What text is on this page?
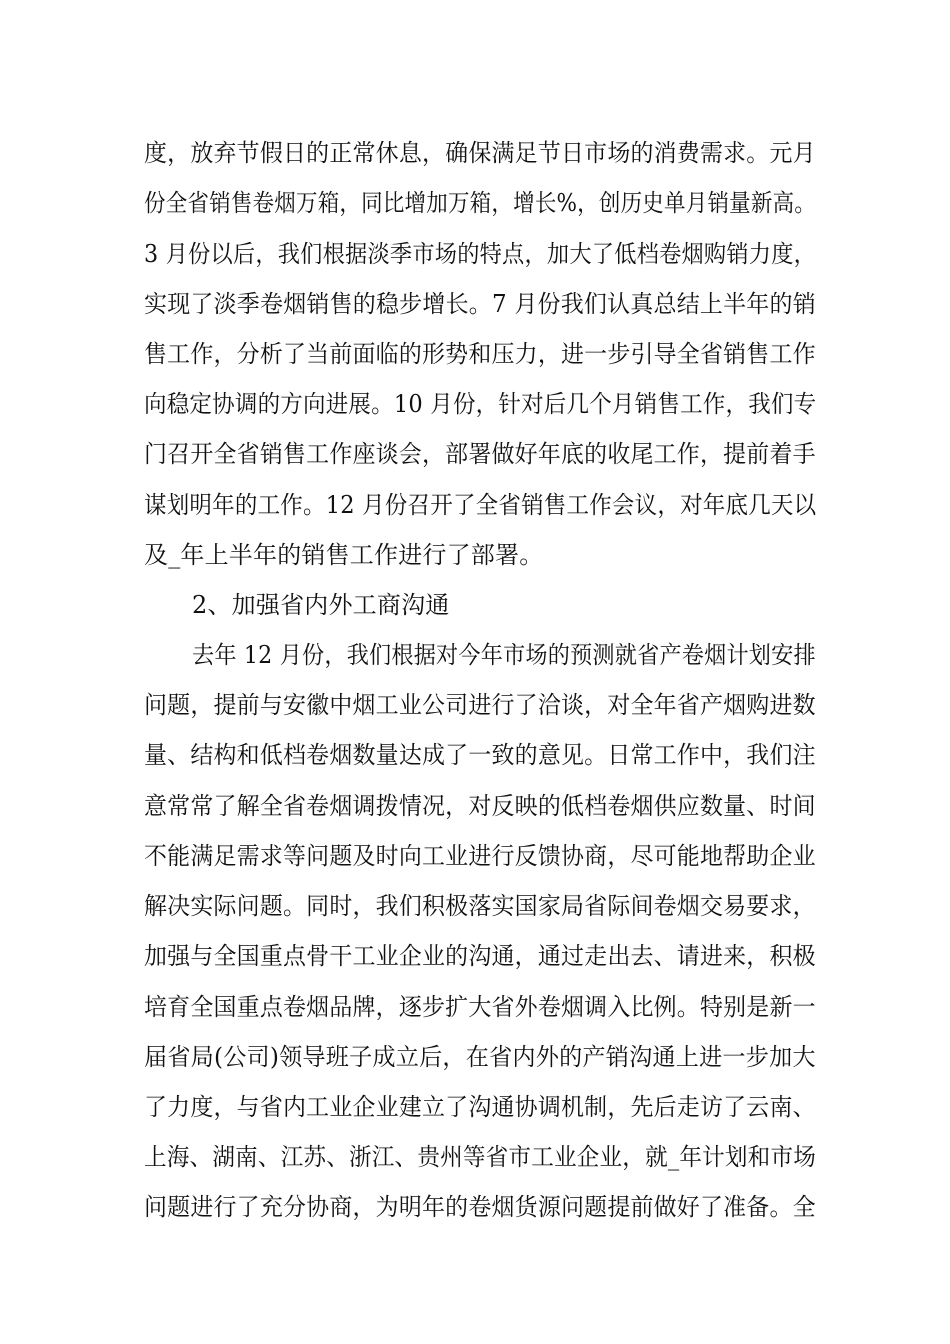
度，放弃节假日的正常休息，确保满足节日市场的消费需求。元月
份全省销售卷烟万箱，同比增加万箱，增长%，创历史单月销量新高。
3 月份以后，我们根据淡季市场的特点，加大了低档卷烟购销力度，
实现了淡季卷烟销售的稳步增长。7 月份我们认真总结上半年的销
售工作，分析了当前面临的形势和压力，进一步引导全省销售工作
向稳定协调的方向进展。10 月份，针对后几个月销售工作，我们专
门召开全省销售工作座谈会，部署做好年底的收尾工作，提前着手
谋划明年的工作。12 月份召开了全省销售工作会议，对年底几天以
及_年上半年的销售工作进行了部署。
2、加强省内外工商沟通
去年 12 月份，我们根据对今年市场的预测就省产卷烟计划安排
问题，提前与安徽中烟工业公司进行了洽谈，对全年省产烟购进数
量、结构和低档卷烟数量达成了一致的意见。日常工作中，我们注
意常常了解全省卷烟调拨情况，对反映的低档卷烟供应数量、时间
不能满足需求等问题及时向工业进行反馈协商，尽可能地帮助企业
解决实际问题。同时，我们积极落实国家局省际间卷烟交易要求，
加强与全国重点骨干工业企业的沟通，通过走出去、请进来，积极
培育全国重点卷烟品牌，逐步扩大省外卷烟调入比例。特别是新一
届省局(公司)领导班子成立后，在省内外的产销沟通上进一步加大
了力度，与省内工业企业建立了沟通协调机制，先后走访了云南、
上海、湖南、江苏、浙江、贵州等省市工业企业，就_年计划和市场
问题进行了充分协商，为明年的卷烟货源问题提前做好了准备。全
